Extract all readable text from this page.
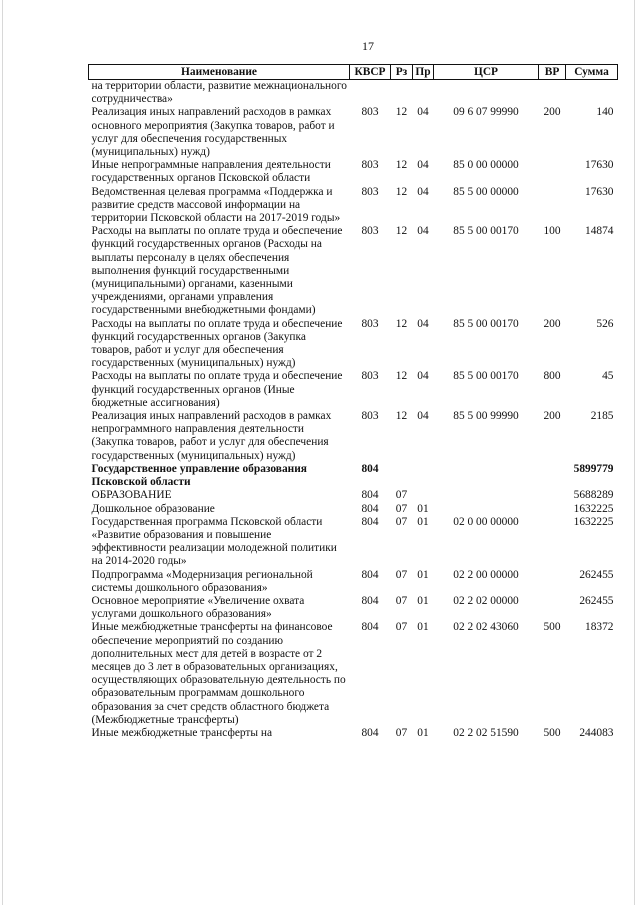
17
Наименование	КВСР	Рз	Пр	ЦСР	ВР	Сумма
на территории области, развитие межнационального сотрудничества»						
Реализация иных направлений расходов в рамках основного мероприятия (Закупка товаров, работ и услуг для обеспечения государственных (муниципальных) нужд)	803	12	04	09 6 07 99990	200	140
Иные непрограммные направления деятельности государственных органов Псковской области	803	12	04	85 0 00 00000		17630
Ведомственная целевая программа «Поддержка и развитие средств массовой информации на территории Псковской области на 2017-2019 годы»	803	12	04	85 5 00 00000		17630
Расходы на выплаты по оплате труда и обеспечение функций государственных органов (Расходы на выплаты персоналу в целях обеспечения выполнения функций государственными (муниципальными) органами, казенными учреждениями, органами управления государственными внебюджетными фондами)	803	12	04	85 5 00 00170	100	14874
Расходы на выплаты по оплате труда и обеспечение функций государственных органов (Закупка товаров, работ и услуг для обеспечения государственных (муниципальных) нужд)	803	12	04	85 5 00 00170	200	526
Расходы на выплаты по оплате труда и обеспечение функций государственных органов (Иные бюджетные ассигнования)	803	12	04	85 5 00 00170	800	45
Реализация иных направлений расходов в рамках непрограммного направления деятельности (Закупка товаров, работ и услуг для обеспечения государственных (муниципальных) нужд)	803	12	04	85 5 00 99990	200	2185
Государственное управление образования Псковской области	804					5899779
ОБРАЗОВАНИЕ	804	07				5688289
Дошкольное образование	804	07	01			1632225
Государственная программа Псковской области «Развитие образования и повышение эффективности реализации молодежной политики на 2014-2020 годы»	804	07	01	02 0 00 00000		1632225
Подпрограмма «Модернизация региональной системы дошкольного образования»	804	07	01	02 2 00 00000		262455
Основное мероприятие «Увеличение охвата услугами дошкольного образования»	804	07	01	02 2 02 00000		262455
Иные межбюджетные трансферты на финансовое обеспечение мероприятий по созданию дополнительных мест для детей в возрасте от 2 месяцев до 3 лет в образовательных организациях, осуществляющих образовательную деятельность по образовательным программам дошкольного образования за счет средств областного бюджета (Межбюджетные трансферты)	804	07	01	02 2 02 43060	500	18372
Иные межбюджетные трансферты на	804	07	01	02 2 02 51590	500	244083
